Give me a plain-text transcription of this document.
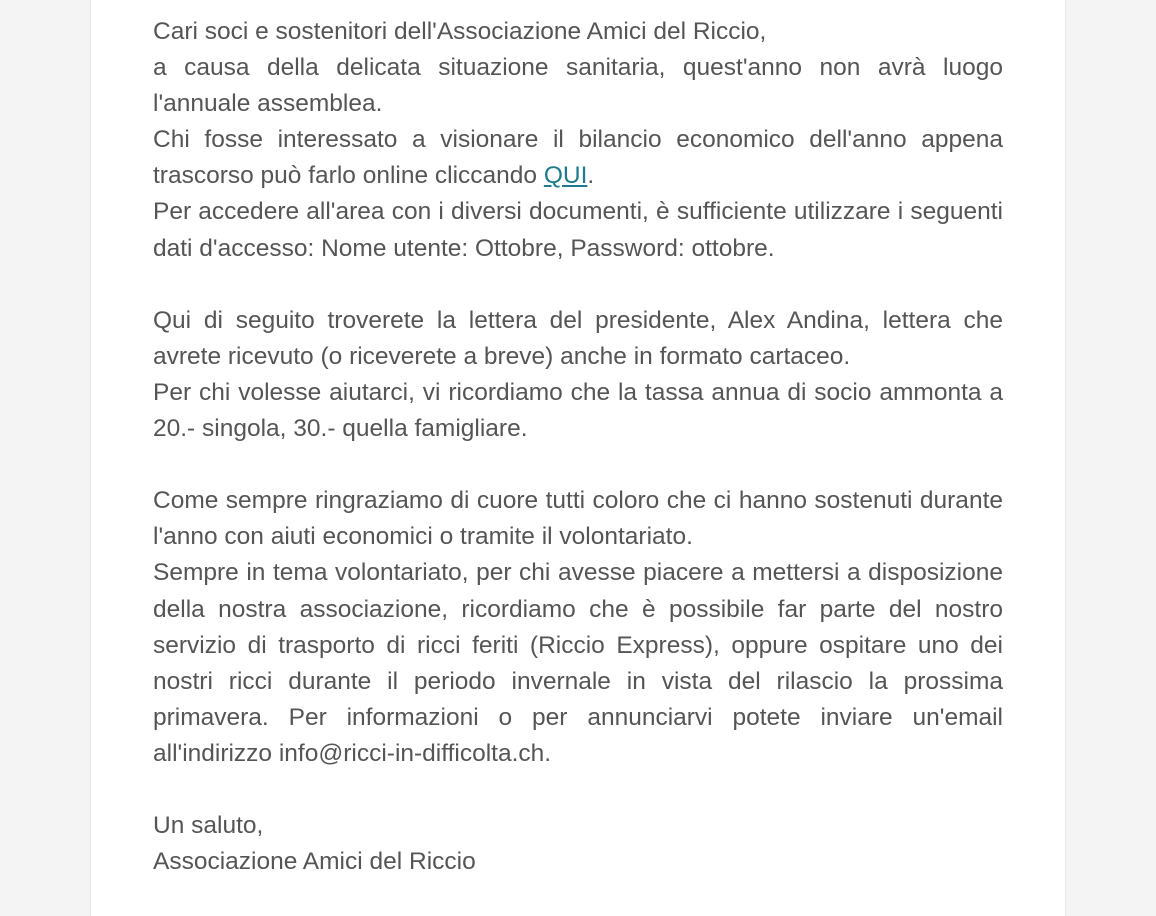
Cari soci e sostenitori dell'Associazione Amici del Riccio,

a causa della delicata situazione sanitaria, quest'anno non avrà luogo l'annuale assemblea.

Chi fosse interessato a visionare il bilancio economico dell'anno appena trascorso può farlo online cliccando QUI.

Per accedere all'area con i diversi documenti, è sufficiente utilizzare i seguenti dati d'accesso: Nome utente: Ottobre, Password: ottobre.

Qui di seguito troverete la lettera del presidente, Alex Andina, lettera che avrete ricevuto (o riceverete a breve) anche in formato cartaceo.

Per chi volesse aiutarci, vi ricordiamo che la tassa annua di socio ammonta a 20.- singola, 30.- quella famigliare.

Come sempre ringraziamo di cuore tutti coloro che ci hanno sostenuti durante l'anno con aiuti economici o tramite il volontariato.

Sempre in tema volontariato, per chi avesse piacere a mettersi a disposizione della nostra associazione, ricordiamo che è possibile far parte del nostro servizio di trasporto di ricci feriti (Riccio Express), oppure ospitare uno dei nostri ricci durante il periodo invernale in vista del rilascio la prossima primavera. Per informazioni o per annunciarvi potete inviare un'email all'indirizzo info@ricci-in-difficolta.ch.

Un saluto,

Associazione Amici del Riccio
